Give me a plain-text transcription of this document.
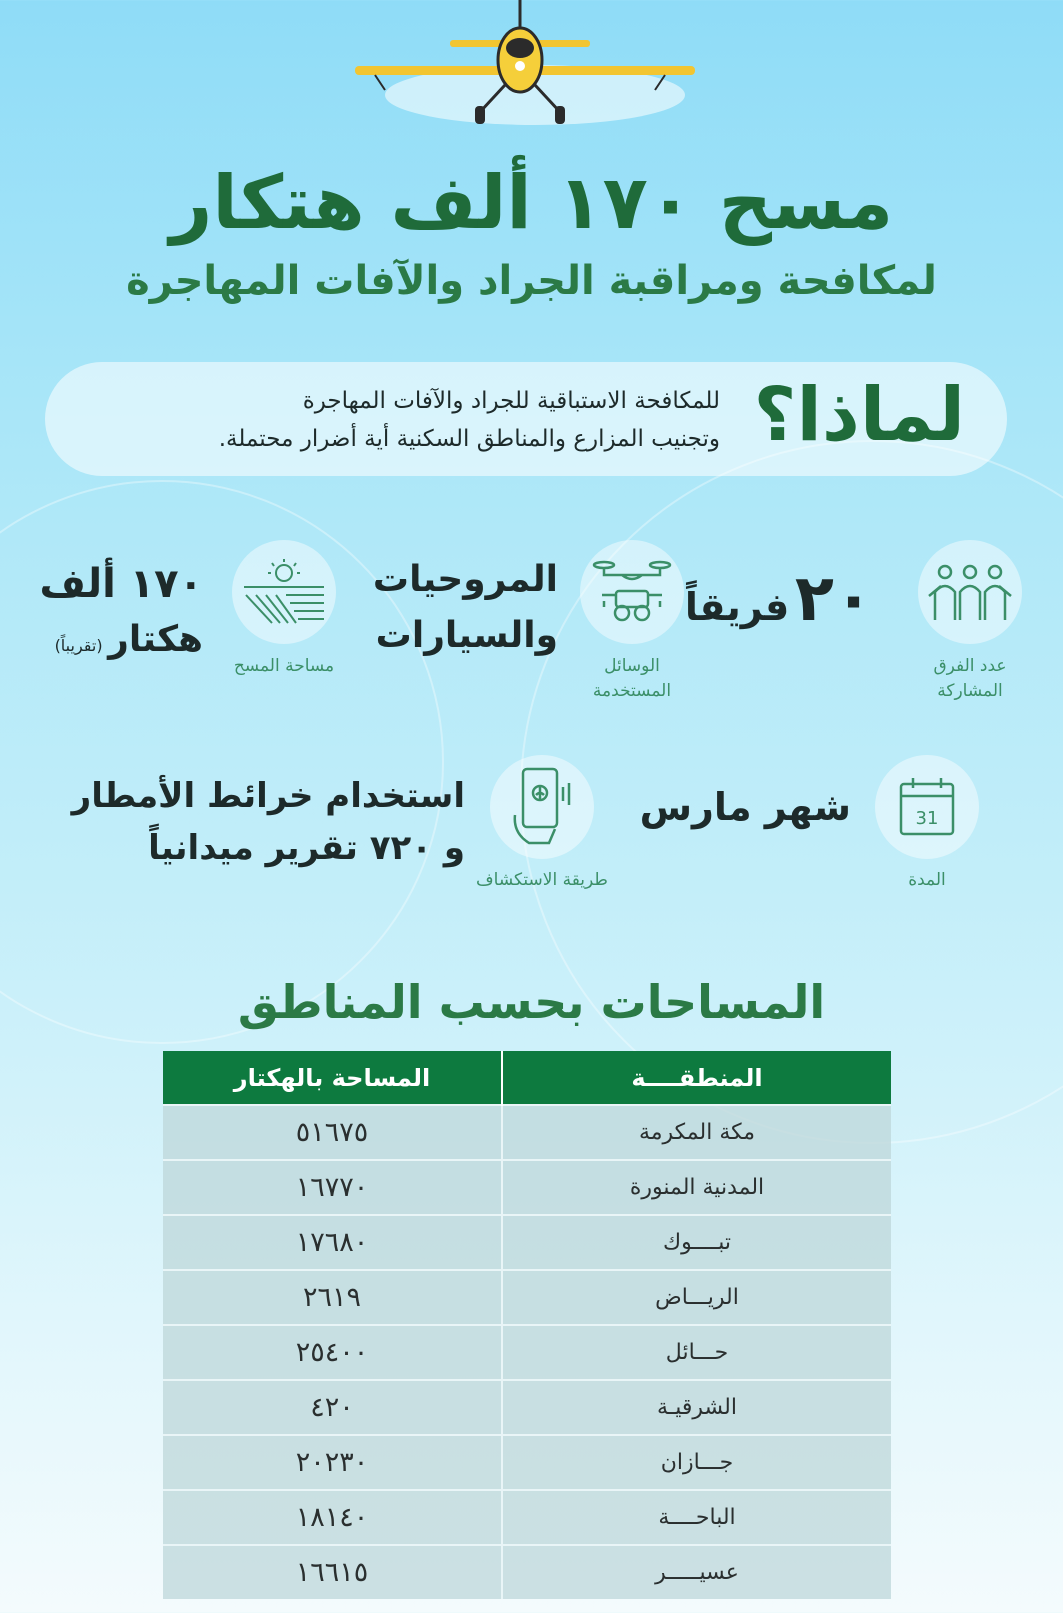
مسح ١٧٠ ألف هتكار
لمكافحة ومراقبة الجراد والآفات المهاجرة
لماذا؟
للمكافحة الاستباقية للجراد والآفات المهاجرة
وتجنيب المزارع والمناطق السكنية أية أضرار محتملة.
عدد الفرق المشاركة
٢٠ فريقاً
الوسائل المستخدمة
المروحيات
والسيارات
مساحة المسح
١٧٠ ألف
هكتار (تقريباً)
31
المدة
شهر مارس
طريقة الاستكشاف
استخدام خرائط الأمطار
و ٧٢٠ تقرير ميدانياً
المساحات بحسب المناطق
المنطقــــة	المساحة بالهكتار
مكة المكرمة	٥١٦٧٥
المدنية المنورة	١٦٧٧٠
تبــــوك	١٧٦٨٠
الريـــاض	٢٦١٩
حـــائل	٢٥٤٠٠
الشرقيـة	٤٢٠
جـــازان	٢٠٢٣٠
الباحــــة	١٨١٤٠
عسيـــــر	١٦٦١٥
